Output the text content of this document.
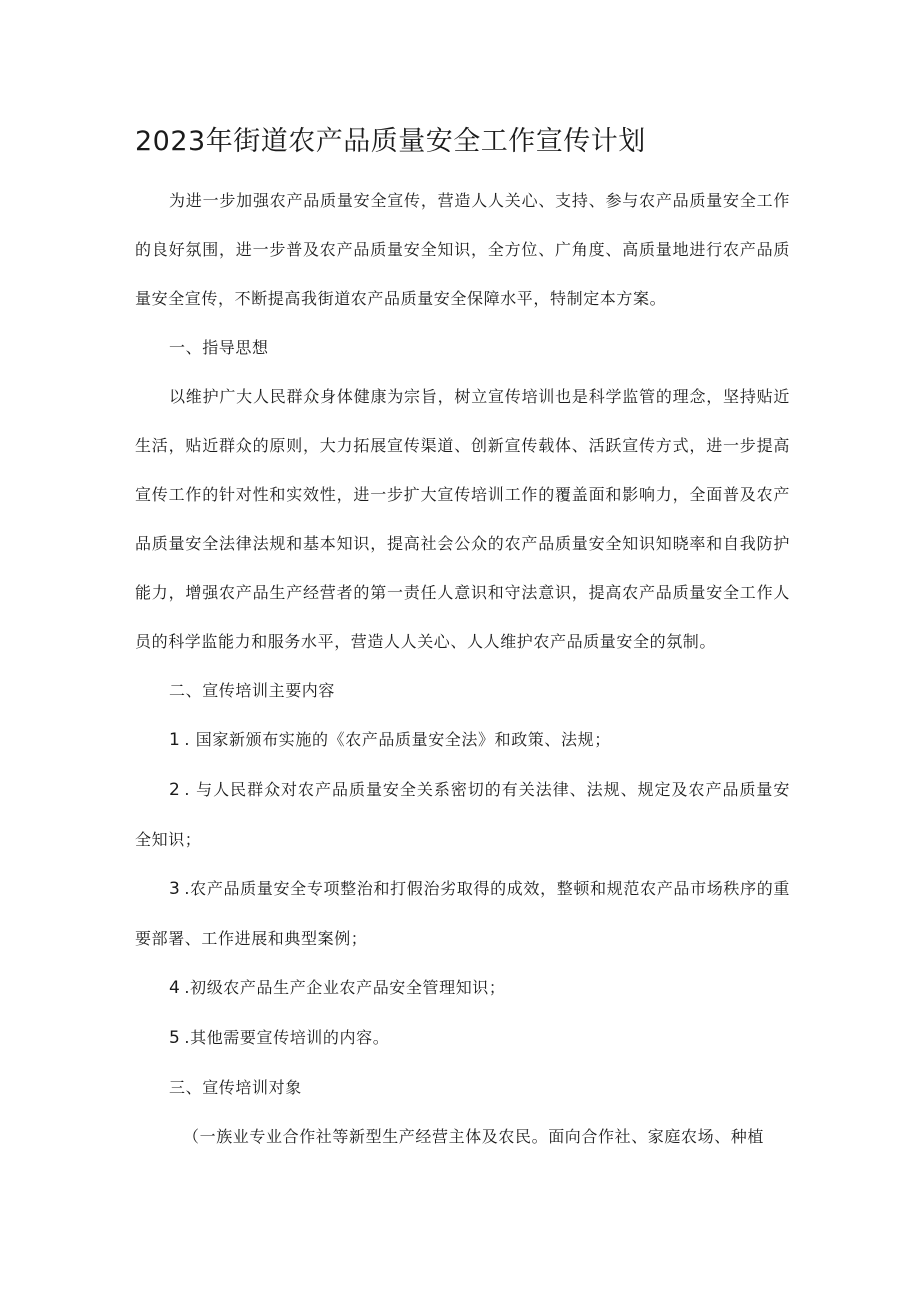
2023年街道农产品质量安全工作宣传计划

为进一步加强农产品质量安全宣传，营造人人关心、支持、参与农产品质量安全工作的良好氛围，进一步普及农产品质量安全知识，全方位、广角度、高质量地进行农产品质量安全宣传，不断提高我街道农产品质量安全保障水平，特制定本方案。

一、指导思想

以维护广大人民群众身体健康为宗旨，树立宣传培训也是科学监管的理念，坚持贴近生活，贴近群众的原则，大力拓展宣传渠道、创新宣传载体、活跃宣传方式，进一步提高宣传工作的针对性和实效性，进一步扩大宣传培训工作的覆盖面和影响力，全面普及农产品质量安全法律法规和基本知识，提高社会公众的农产品质量安全知识知晓率和自我防护能力，增强农产品生产经营者的第一责任人意识和守法意识，提高农产品质量安全工作人员的科学监能力和服务水平，营造人人关心、人人维护农产品质量安全的氛制。

二、宣传培训主要内容

1 . 国家新颁布实施的《农产品质量安全法》和政策、法规；

2 . 与人民群众对农产品质量安全关系密切的有关法律、法规、规定及农产品质量安全知识；

3 .农产品质量安全专项整治和打假治劣取得的成效，整顿和规范农产品市场秩序的重要部署、工作进展和典型案例；

4 .初级农产品生产企业农产品安全管理知识；

5 .其他需要宣传培训的内容。

三、宣传培训对象

（一族业专业合作社等新型生产经营主体及农民。面向合作社、家庭农场、种植
